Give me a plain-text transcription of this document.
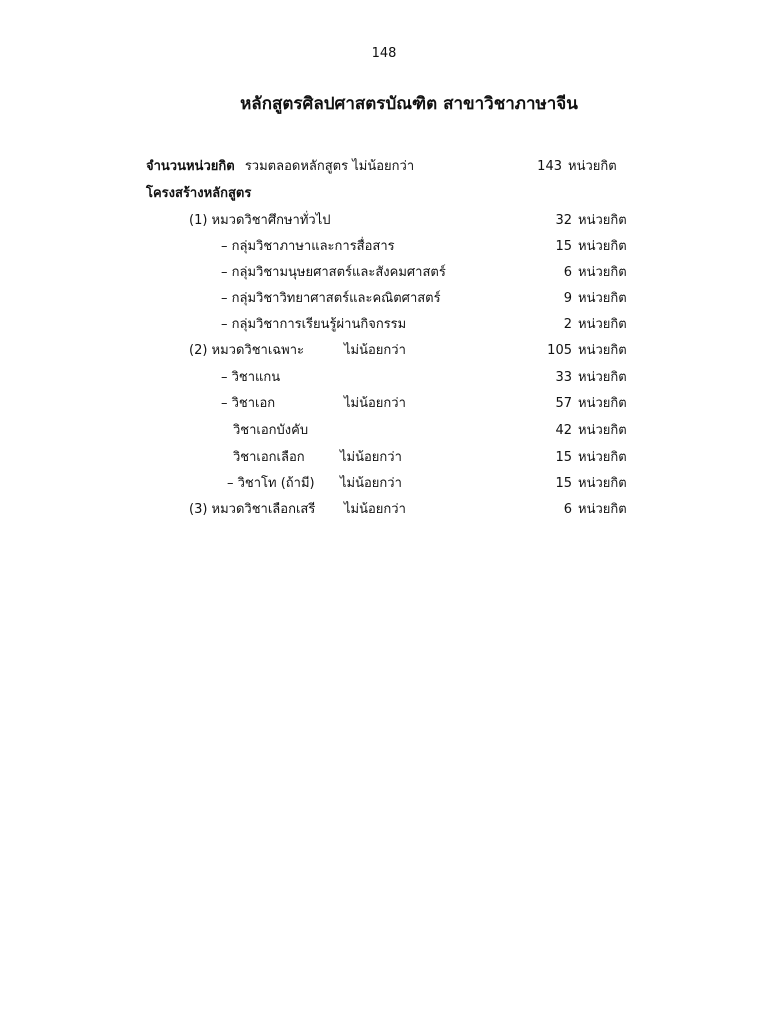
148
หลักสูตรศิลปศาสตรบัณฑิต สาขาวิชาภาษาจีน
จำนวนหน่วยกิต รวมตลอดหลักสูตร ไม่น้อยกว่า	143 หน่วยกิต
โครงสร้างหลักสูตร
(1) หมวดวิชาศึกษาทั่วไป	32 หน่วยกิต
– กลุ่มวิชาภาษาและการสื่อสาร	15 หน่วยกิต
– กลุ่มวิชามนุษยศาสตร์และสังคมศาสตร์	6 หน่วยกิต
– กลุ่มวิชาวิทยาศาสตร์และคณิตศาสตร์	9 หน่วยกิต
– กลุ่มวิชาการเรียนรู้ผ่านกิจกรรม	2 หน่วยกิต
(2) หมวดวิชาเฉพาะ	ไม่น้อยกว่า	105 หน่วยกิต
– วิชาแกน	33 หน่วยกิต
– วิชาเอก	ไม่น้อยกว่า	57 หน่วยกิต
วิชาเอกบังคับ	42 หน่วยกิต
วิชาเอกเลือก	ไม่น้อยกว่า	15 หน่วยกิต
– วิชาโท (ถ้ามี) ไม่น้อยกว่า	15 หน่วยกิต
(3) หมวดวิชาเลือกเสรี ไม่น้อยกว่า	6 หน่วยกิต
